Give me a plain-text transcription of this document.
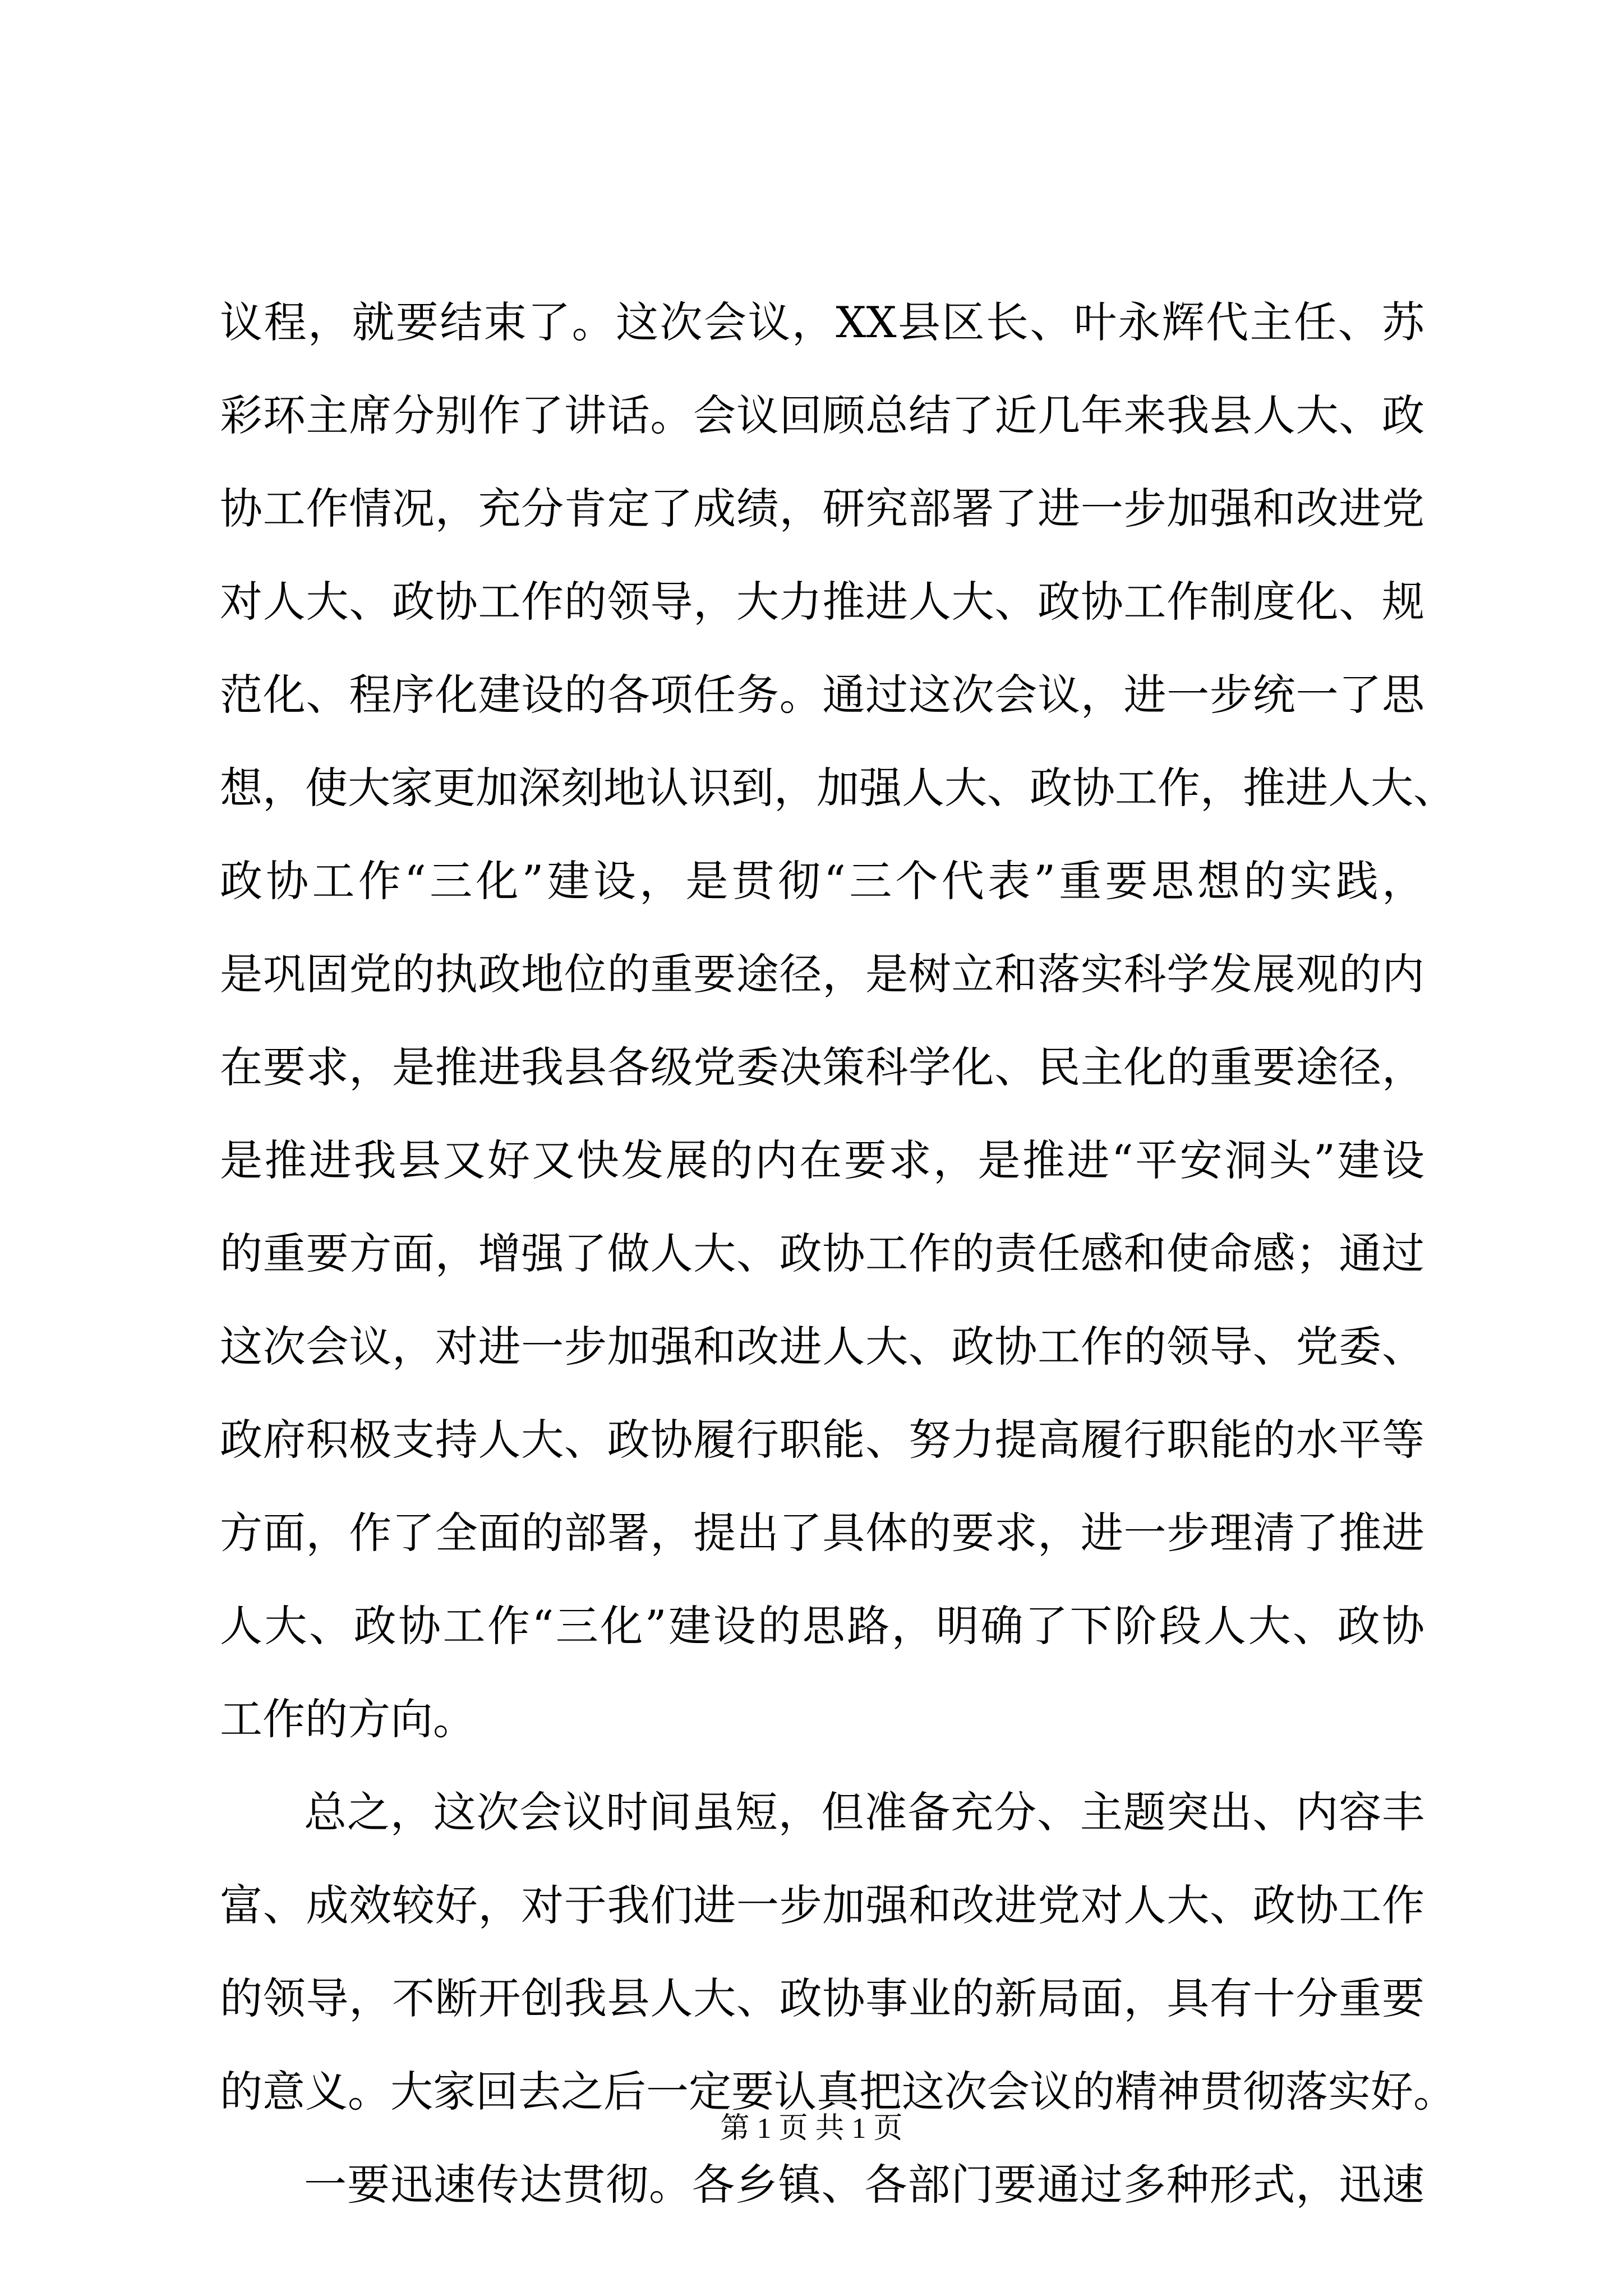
议程，就要结束了。这次会议，XX县区长、叶永辉代主任、苏
彩环主席分别作了讲话。会议回顾总结了近几年来我县人大、政
协工作情况，充分肯定了成绩，研究部署了进一步加强和改进党
对人大、政协工作的领导，大力推进人大、政协工作制度化、规
范化、程序化建设的各项任务。通过这次会议，进一步统一了思
想，使大家更加深刻地认识到，加强人大、政协工作，推进人大、
政协工作“三化”建设，是贯彻“三个代表”重要思想的实践，
是巩固党的执政地位的重要途径，是树立和落实科学发展观的内
在要求，是推进我县各级党委决策科学化、民主化的重要途径，
是推进我县又好又快发展的内在要求，是推进“平安洞头”建设
的重要方面，增强了做人大、政协工作的责任感和使命感；通过
这次会议，对进一步加强和改进人大、政协工作的领导、党委、
政府积极支持人大、政协履行职能、努力提高履行职能的水平等
方面，作了全面的部署，提出了具体的要求，进一步理清了推进
人大、政协工作“三化”建设的思路，明确了下阶段人大、政协
工作的方向。
总之，这次会议时间虽短，但准备充分、主题突出、内容丰
富、成效较好，对于我们进一步加强和改进党对人大、政协工作
的领导，不断开创我县人大、政协事业的新局面，具有十分重要
的意义。大家回去之后一定要认真把这次会议的精神贯彻落实好。
一要迅速传达贯彻。各乡镇、各部门要通过多种形式，迅速
第 1 页 共 1 页
